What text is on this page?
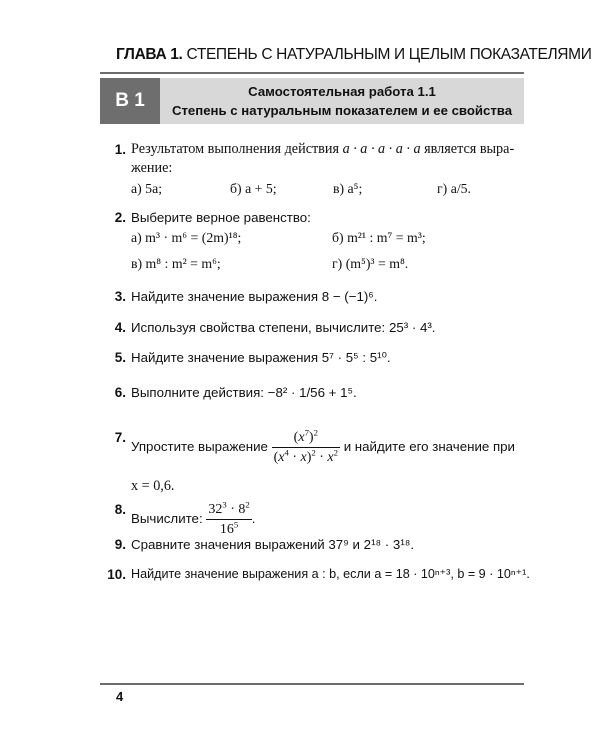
ГЛАВА 1. СТЕПЕНЬ С НАТУРАЛЬНЫМ И ЦЕЛЫМ ПОКАЗАТЕЛЯМИ
В 1	Самостоятельная работа 1.1
Степень с натуральным показателем и ее свойства
1. Результатом выполнения действия a · a · a · a · a является выра-
жение:
а) 5a;	б) a + 5;	в) a⁵;	г) a/5.
2. Выберите верное равенство:
а) m³ · m⁶ = (2m)¹⁸;	б) m²¹ : m⁷ = m³;
в) m⁸ : m² = m⁶;	г) (m⁵)³ = m⁸.
3. Найдите значение выражения 8 − (−1)⁶.
4. Используя свойства степени, вычислите: 25³ · 4³.
5. Найдите значение выражения 5⁷ · 5⁵ : 5¹⁰.
6. Выполните действия: −8² · 1/56 + 1⁵.
7.
Упростите выражение $\frac{(x^7)^2}{(x^4 \cdot x)^2 \cdot x^2}$ и найдите его значение при
x = 0,6.
8.
Вычислите: $\frac{32^3 \cdot 8^2}{16^5}$ .
9. Сравните значения выражений 37⁹ и 2¹⁸ · 3¹⁸.
10. Найдите значение выражения a : b, если a = 18 · 10ⁿ⁺³, b = 9 · 10ⁿ⁺¹.
4
